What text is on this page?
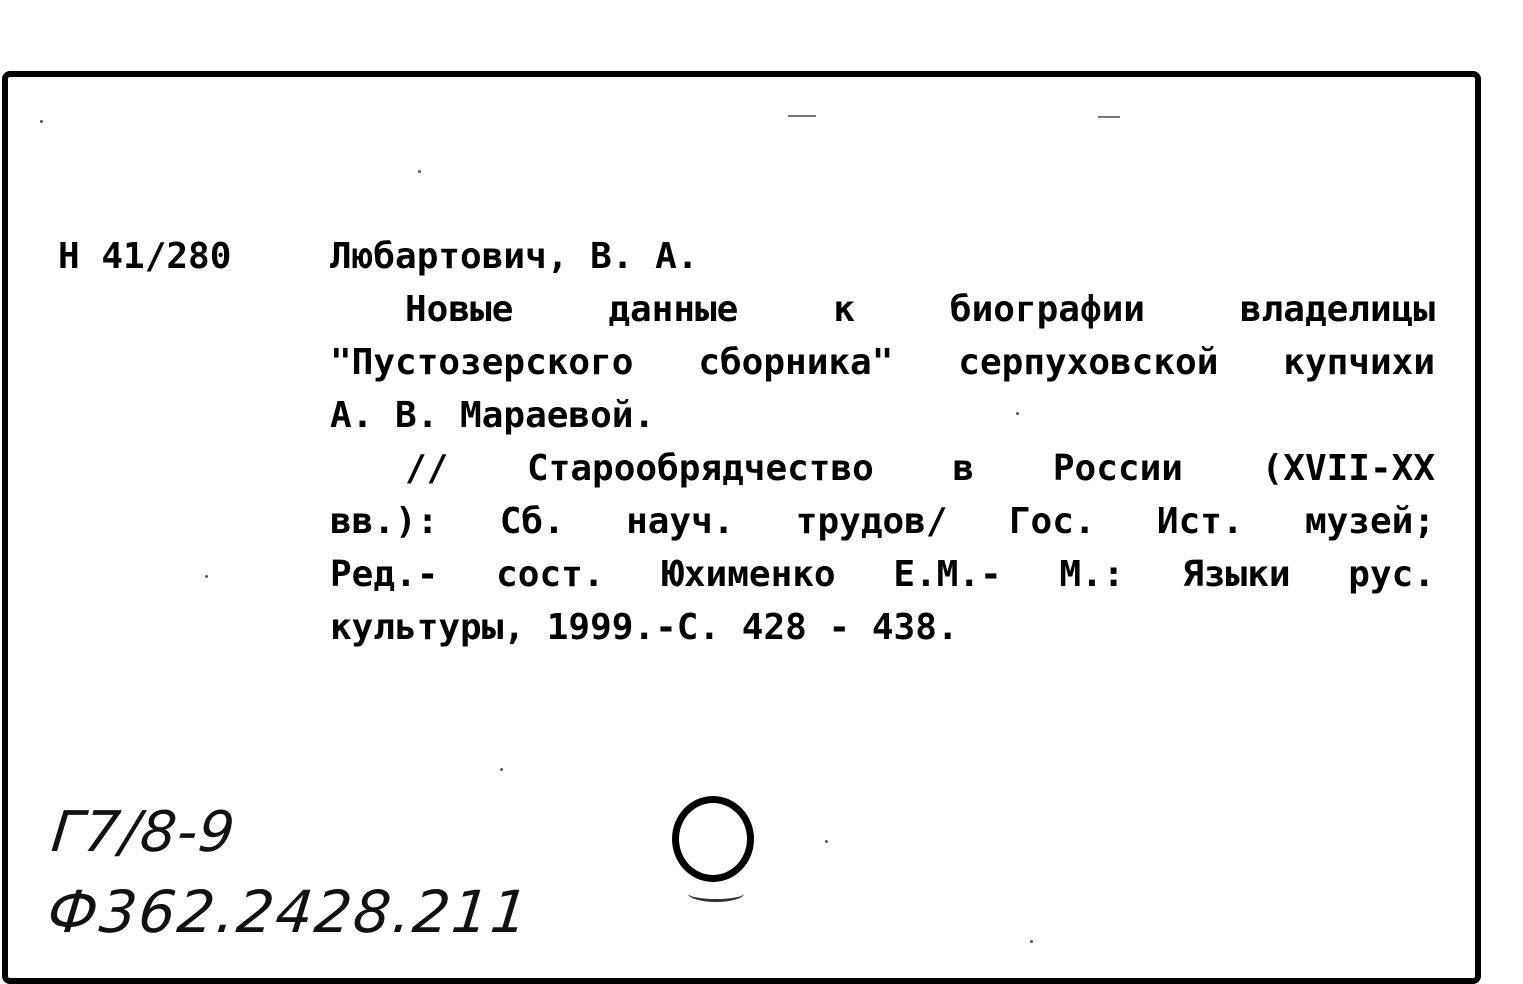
Н 41/280	Любартович, В. А.
Новые данные к биографии владелицы
"Пустозерского сборника" серпуховской купчихи
А. В. Мараевой.
// Старообрядчество в России (XVII-XX
вв.): Сб. науч. трудов/ Гос. Ист. музей;
Ред.- сост. Юхименко Е.М.- М.: Языки рус.
культуры, 1999.-С. 428 - 438.
Г7/8-9
Ф362.2428.211
